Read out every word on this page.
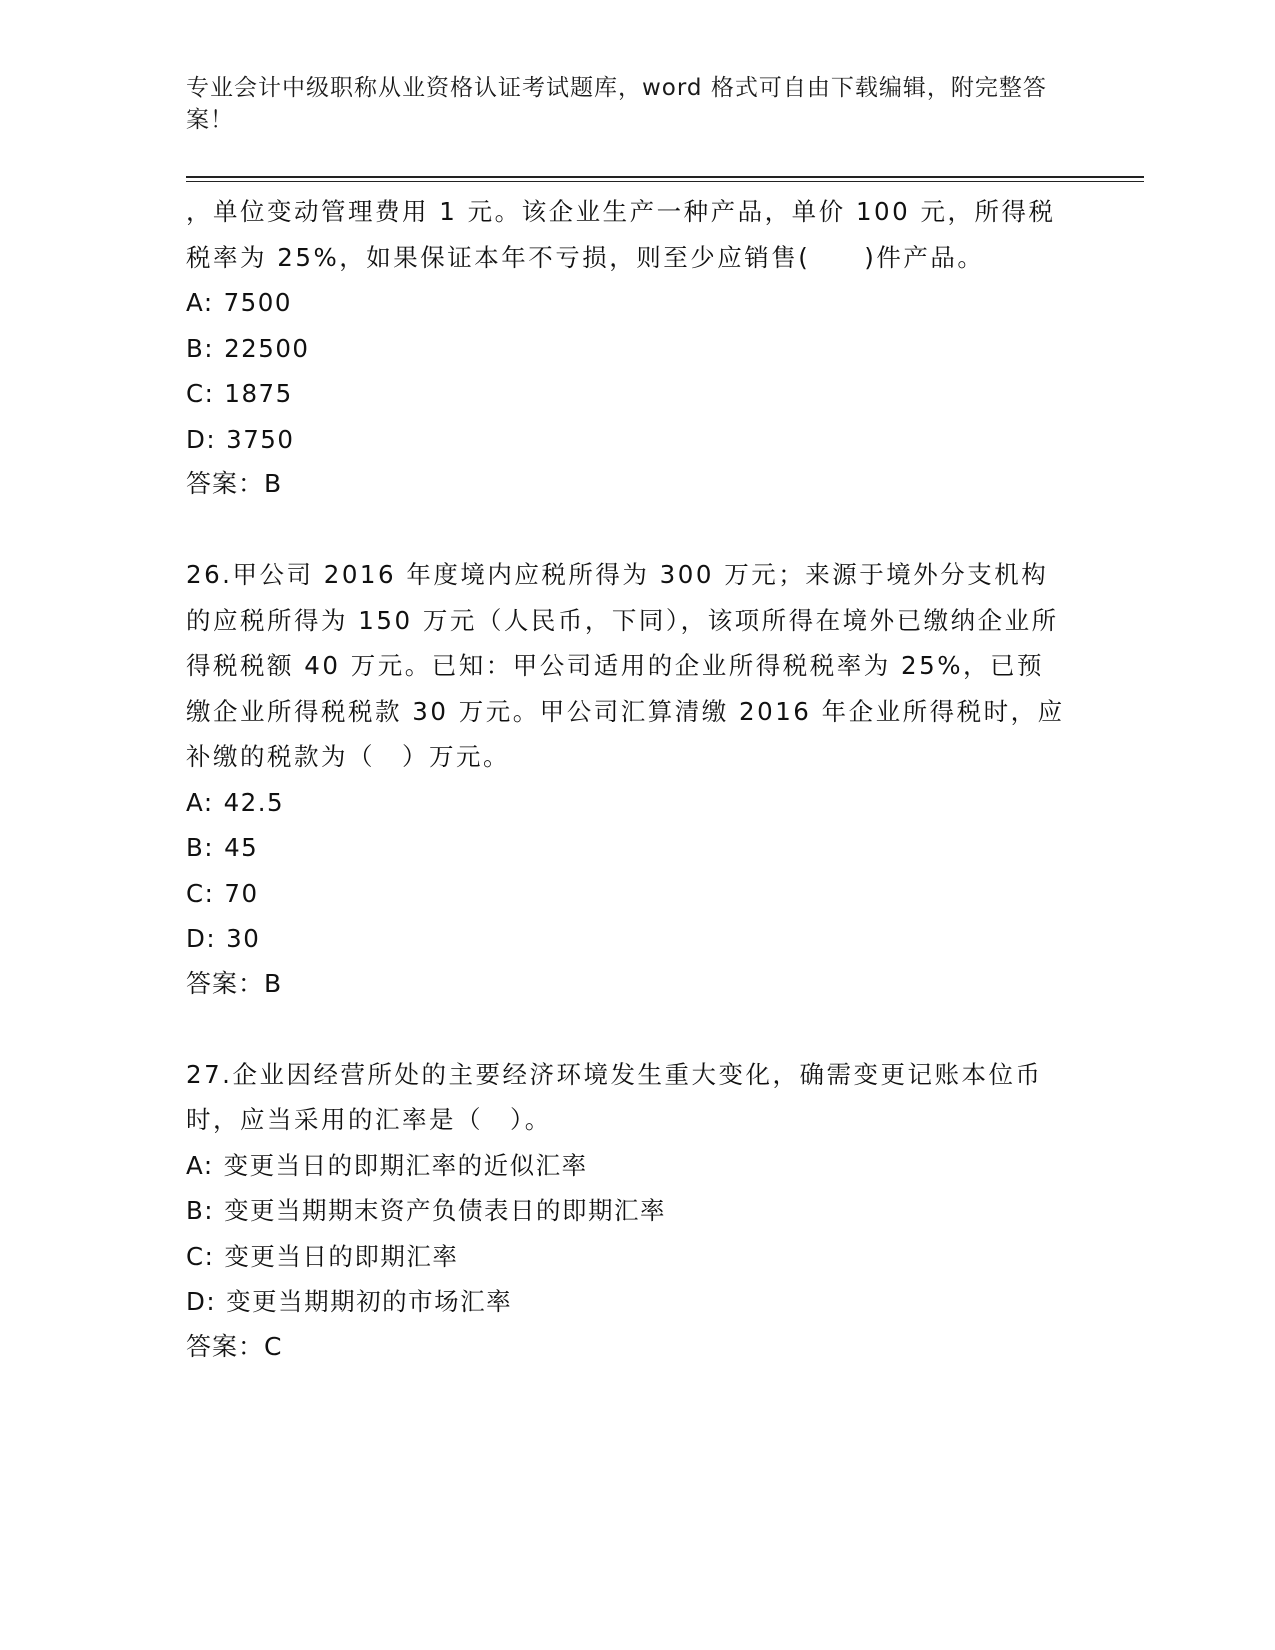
专业会计中级职称从业资格认证考试题库，word 格式可自由下载编辑，附完整答案！

，单位变动管理费用 1 元。该企业生产一种产品，单价 100 元，所得税税率为 25%，如果保证本年不亏损，则至少应销售(　　)件产品。

A: 7500

B: 22500

C: 1875

D: 3750

答案：B

26.甲公司 2016 年度境内应税所得为 300 万元；来源于境外分支机构的应税所得为 150 万元（人民币，下同），该项所得在境外已缴纳企业所得税税额 40 万元。已知：甲公司适用的企业所得税税率为 25%，已预缴企业所得税税款 30 万元。甲公司汇算清缴 2016 年企业所得税时，应补缴的税款为（　）万元。

A: 42.5

B: 45

C: 70

D: 30

答案：B

27.企业因经营所处的主要经济环境发生重大变化，确需变更记账本位币时，应当采用的汇率是（　）。

A: 变更当日的即期汇率的近似汇率

B: 变更当期期末资产负债表日的即期汇率

C: 变更当日的即期汇率

D: 变更当期期初的市场汇率

答案：C
